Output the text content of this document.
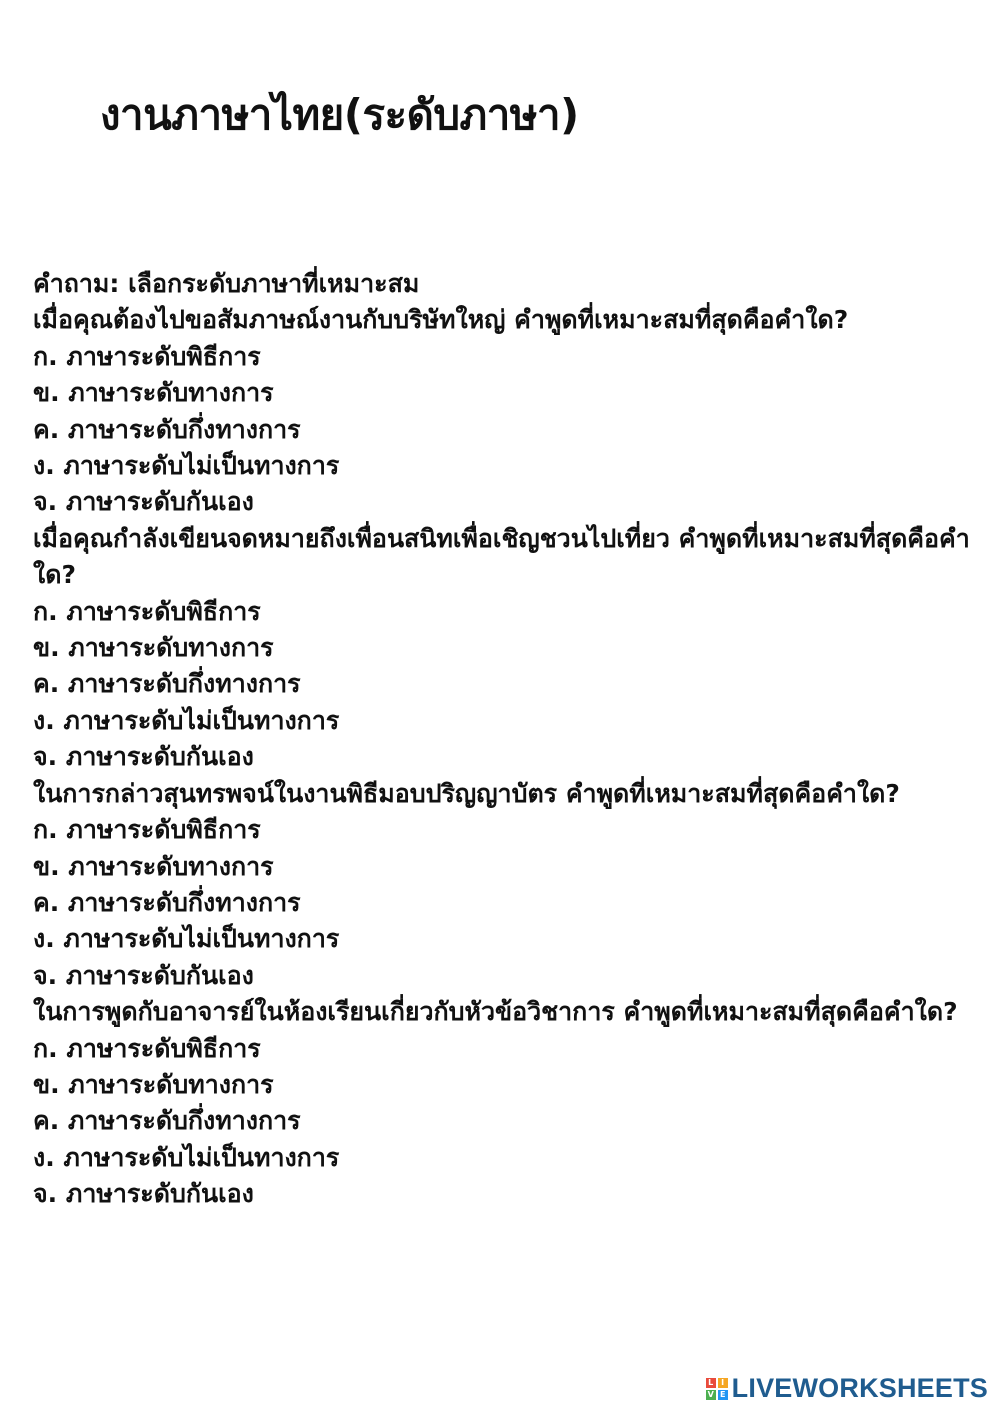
งานภาษาไทย(ระดับภาษา)
คำถาม: เลือกระดับภาษาที่เหมาะสม
เมื่อคุณต้องไปขอสัมภาษณ์งานกับบริษัทใหญ่ คำพูดที่เหมาะสมที่สุดคือคำใด?
ก. ภาษาระดับพิธีการ
ข. ภาษาระดับทางการ
ค. ภาษาระดับกึ่งทางการ
ง. ภาษาระดับไม่เป็นทางการ
จ. ภาษาระดับกันเอง
เมื่อคุณกำลังเขียนจดหมายถึงเพื่อนสนิทเพื่อเชิญชวนไปเที่ยว คำพูดที่เหมาะสมที่สุดคือคำใด?
ก. ภาษาระดับพิธีการ
ข. ภาษาระดับทางการ
ค. ภาษาระดับกึ่งทางการ
ง. ภาษาระดับไม่เป็นทางการ
จ. ภาษาระดับกันเอง
ในการกล่าวสุนทรพจน์ในงานพิธีมอบปริญญาบัตร คำพูดที่เหมาะสมที่สุดคือคำใด?
ก. ภาษาระดับพิธีการ
ข. ภาษาระดับทางการ
ค. ภาษาระดับกึ่งทางการ
ง. ภาษาระดับไม่เป็นทางการ
จ. ภาษาระดับกันเอง
ในการพูดกับอาจารย์ในห้องเรียนเกี่ยวกับหัวข้อวิชาการ คำพูดที่เหมาะสมที่สุดคือคำใด?
ก. ภาษาระดับพิธีการ
ข. ภาษาระดับทางการ
ค. ภาษาระดับกึ่งทางการ
ง. ภาษาระดับไม่เป็นทางการ
จ. ภาษาระดับกันเอง
L I
V E LIVEWORKSHEETS
